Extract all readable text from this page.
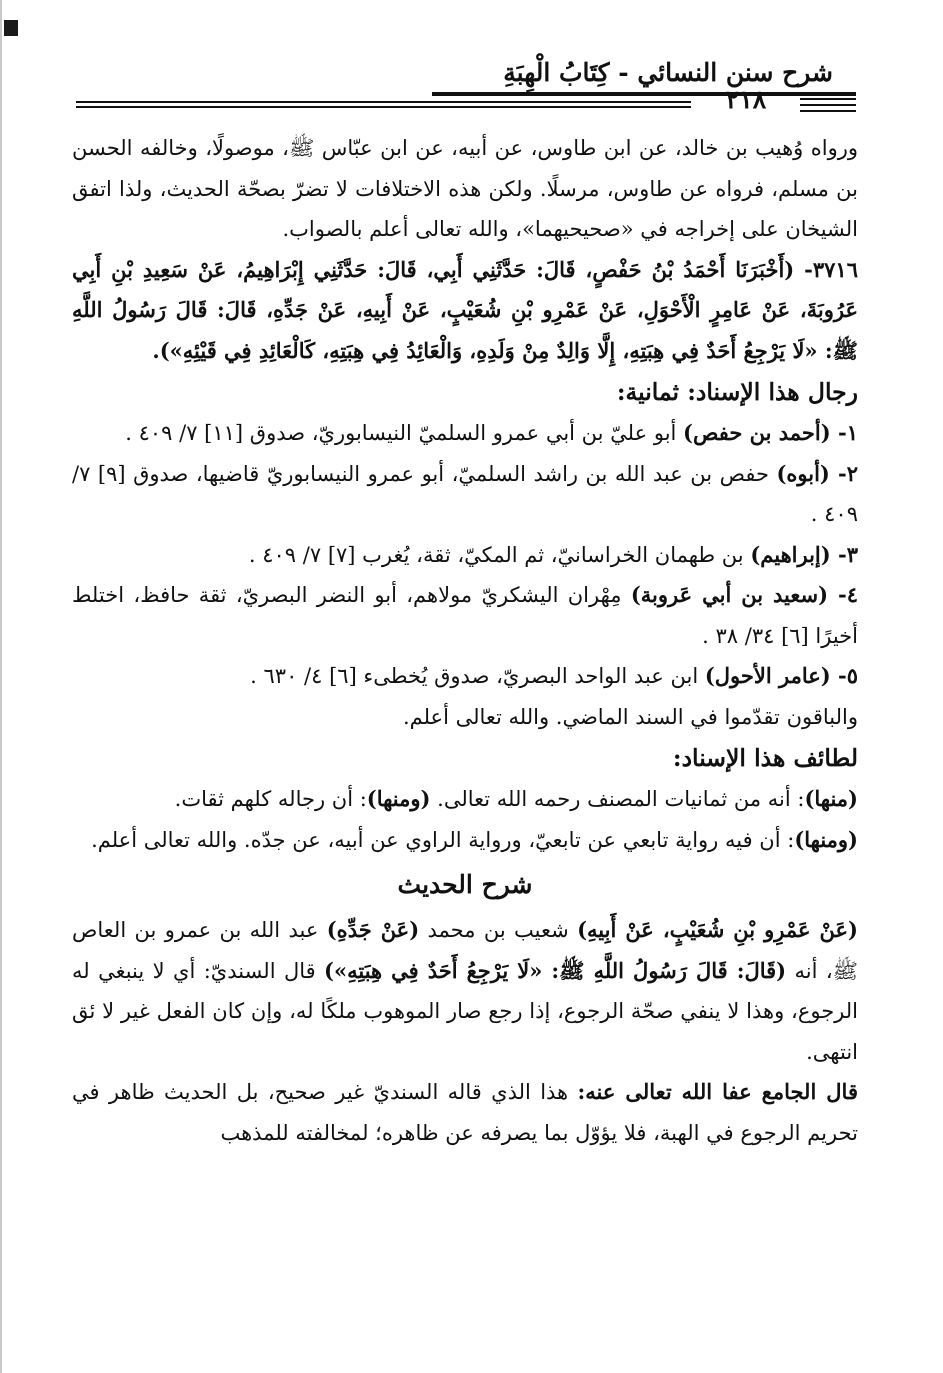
شرح سنن النسائي - كِتَابُ الْهِبَةِ
٢١٨

ورواه وُهيب بن خالد، عن ابن طاوس، عن أبيه، عن ابن عبّاس ﷺ، موصولًا، وخالفه الحسن بن مسلم، فرواه عن طاوس، مرسلًا. ولكن هذه الاختلافات لا تضرّ بصحّة الحديث، ولذا اتفق الشيخان على إخراجه في «صحيحيهما»، والله تعالى أعلم بالصواب.

٣٧١٦- (أَخْبَرَنَا أَحْمَدُ بْنُ حَفْصٍ، قَالَ: حَدَّثَنِي أَبِي، قَالَ: حَدَّثَنِي إِبْرَاهِيمُ، عَنْ سَعِيدِ بْنِ أَبِي عَرُوبَةَ، عَنْ عَامِرٍ الْأَحْوَلِ، عَنْ عَمْرِو بْنِ شُعَيْبٍ، عَنْ أَبِيهِ، عَنْ جَدِّهِ، قَالَ: قَالَ رَسُولُ اللَّهِ ﷺ: «لَا يَرْجِعُ أَحَدٌ فِي هِبَتِهِ، إِلَّا وَالِدٌ مِنْ وَلَدِهِ، وَالْعَائِدُ فِي هِبَتِهِ، كَالْعَائِدِ فِي قَيْئِهِ»).

رجال هذا الإسناد: ثمانية:

١- (أحمد بن حفص) أبو عليّ بن أبي عمرو السلميّ النيسابوريّ، صدوق [١١] ٧/ ٤٠٩ .

٢- (أبوه) حفص بن عبد الله بن راشد السلميّ، أبو عمرو النيسابوريّ قاضيها، صدوق [٩] ٧/ ٤٠٩ .

٣- (إبراهيم) بن طهمان الخراسانيّ، ثم المكيّ، ثقة، يُغرب [٧] ٧/ ٤٠٩ .

٤- (سعيد بن أبي عَروبة) مِهْران اليشكريّ مولاهم، أبو النضر البصريّ، ثقة حافظ، اختلط أخيرًا [٦] ٣٤/ ٣٨ .

٥- (عامر الأحول) ابن عبد الواحد البصريّ، صدوق يُخطىء [٦] ٤/ ٦٣٠ .

والباقون تقدّموا في السند الماضي. والله تعالى أعلم.

لطائف هذا الإسناد:

(منها): أنه من ثمانيات المصنف رحمه الله تعالى. (ومنها): أن رجاله كلهم ثقات.

(ومنها): أن فيه رواية تابعي عن تابعيّ، ورواية الراوي عن أبيه، عن جدّه. والله تعالى أعلم.

شرح الحديث

(عَنْ عَمْرِو بْنِ شُعَيْبٍ، عَنْ أَبِيهِ) شعيب بن محمد (عَنْ جَدِّهِ) عبد الله بن عمرو بن العاص ﷺ، أنه (قَالَ: قَالَ رَسُولُ اللَّهِ ﷺ: «لَا يَرْجِعُ أَحَدٌ فِي هِبَتِهِ») قال السنديّ: أي لا ينبغي له الرجوع، وهذا لا ينفي صحّة الرجوع، إذا رجع صار الموهوب ملكًا له، وإن كان الفعل غير لا ئق انتهى.

قال الجامع عفا الله تعالى عنه: هذا الذي قاله السنديّ غير صحيح، بل الحديث ظاهر في تحريم الرجوع في الهبة، فلا يؤوّل بما يصرفه عن ظاهره؛ لمخالفته للمذهب
